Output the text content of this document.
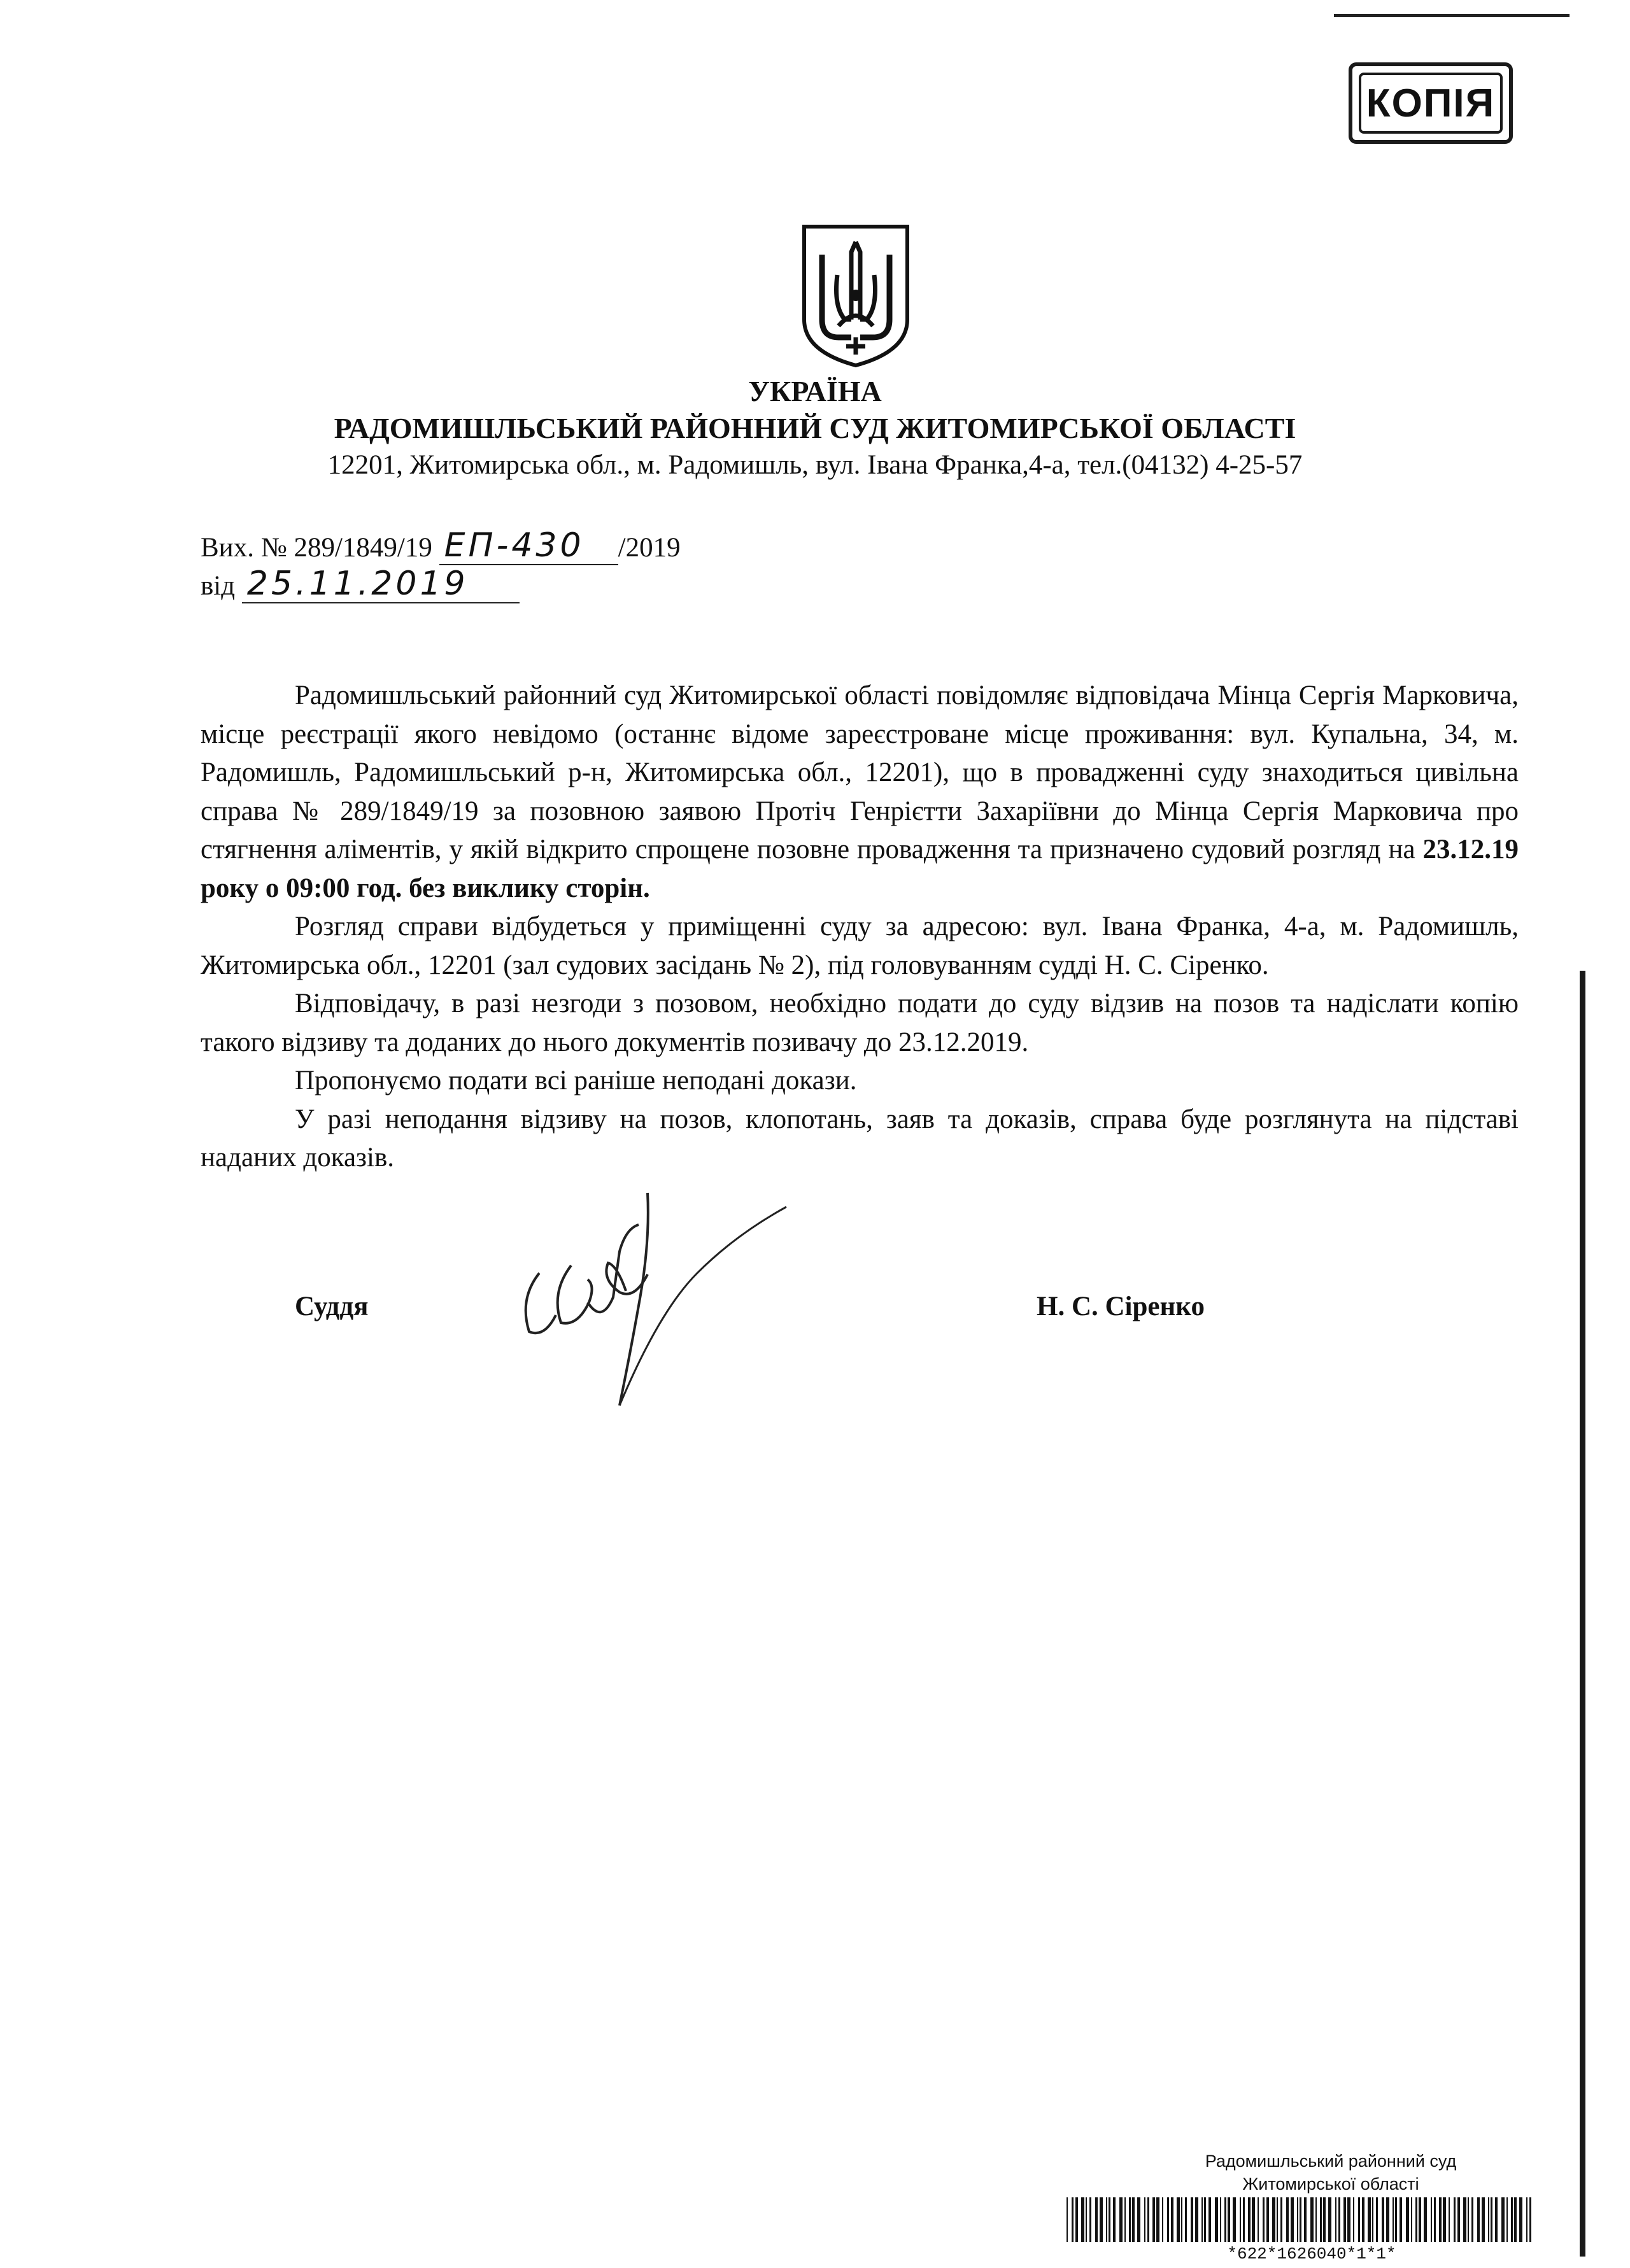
КОПІЯ
УКРАЇНА
РАДОМИШЛЬСЬКИЙ РАЙОННИЙ СУД ЖИТОМИРСЬКОЇ ОБЛАСТІ
12201, Житомирська обл., м. Радомишль, вул. Івана Франка,4-а, тел.(04132) 4-25-57
Вих. № 289/1849/19 ЕП-430 /2019
від 25.11.2019

Радомишльський районний суд Житомирської області повідомляє відповідача Мінца Сергія Марковича, місце реєстрації якого невідомо (останнє відоме зареєстроване місце проживання: вул. Купальна, 34, м. Радомишль, Радомишльський р-н, Житомирська обл., 12201), що в провадженні суду знаходиться цивільна справа № 289/1849/19 за позовною заявою Протіч Генрієтти Захаріївни до Мінца Сергія Марковича про стягнення аліментів, у якій відкрито спрощене позовне провадження та призначено судовий розгляд на 23.12.19 року о 09:00 год. без виклику сторін.

Розгляд справи відбудеться у приміщенні суду за адресою: вул. Івана Франка, 4-а, м. Радомишль, Житомирська обл., 12201 (зал судових засідань № 2), під головуванням судді Н. С. Сіренко.

Відповідачу, в разі незгоди з позовом, необхідно подати до суду відзив на позов та надіслати копію такого відзиву та доданих до нього документів позивачу до 23.12.2019.

Пропонуємо подати всі раніше неподані докази.

У разі неподання відзиву на позов, клопотань, заяв та доказів, справа буде розглянута на підставі наданих доказів.

Суддя	Н. С. Сіренко
Радомишльський районний суд
Житомирської області
*622*1626040*1*1*
